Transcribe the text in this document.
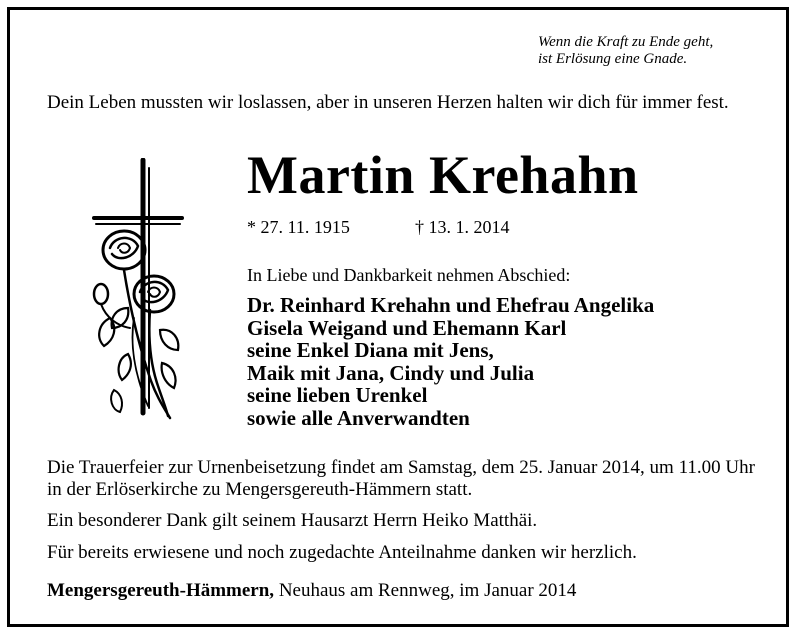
Wenn die Kraft zu Ende geht,
ist Erlösung eine Gnade.
Dein Leben mussten wir loslassen, aber in unseren Herzen halten wir dich für immer fest.
Martin Krehahn
* 27. 11. 1915	† 13. 1. 2014
In Liebe und Dankbarkeit nehmen Abschied:
Dr. Reinhard Krehahn und Ehefrau Angelika
Gisela Weigand und Ehemann Karl
seine Enkel Diana mit Jens,
Maik mit Jana, Cindy und Julia
seine lieben Urenkel
sowie alle Anverwandten
Die Trauerfeier zur Urnenbeisetzung findet am Samstag, dem 25. Januar 2014, um 11.00 Uhr in der Erlöserkirche zu Mengersgereuth-Hämmern statt.
Ein besonderer Dank gilt seinem Hausarzt Herrn Heiko Matthäi.
Für bereits erwiesene und noch zugedachte Anteilnahme danken wir herzlich.
Mengersgereuth-Hämmern, Neuhaus am Rennweg, im Januar 2014
